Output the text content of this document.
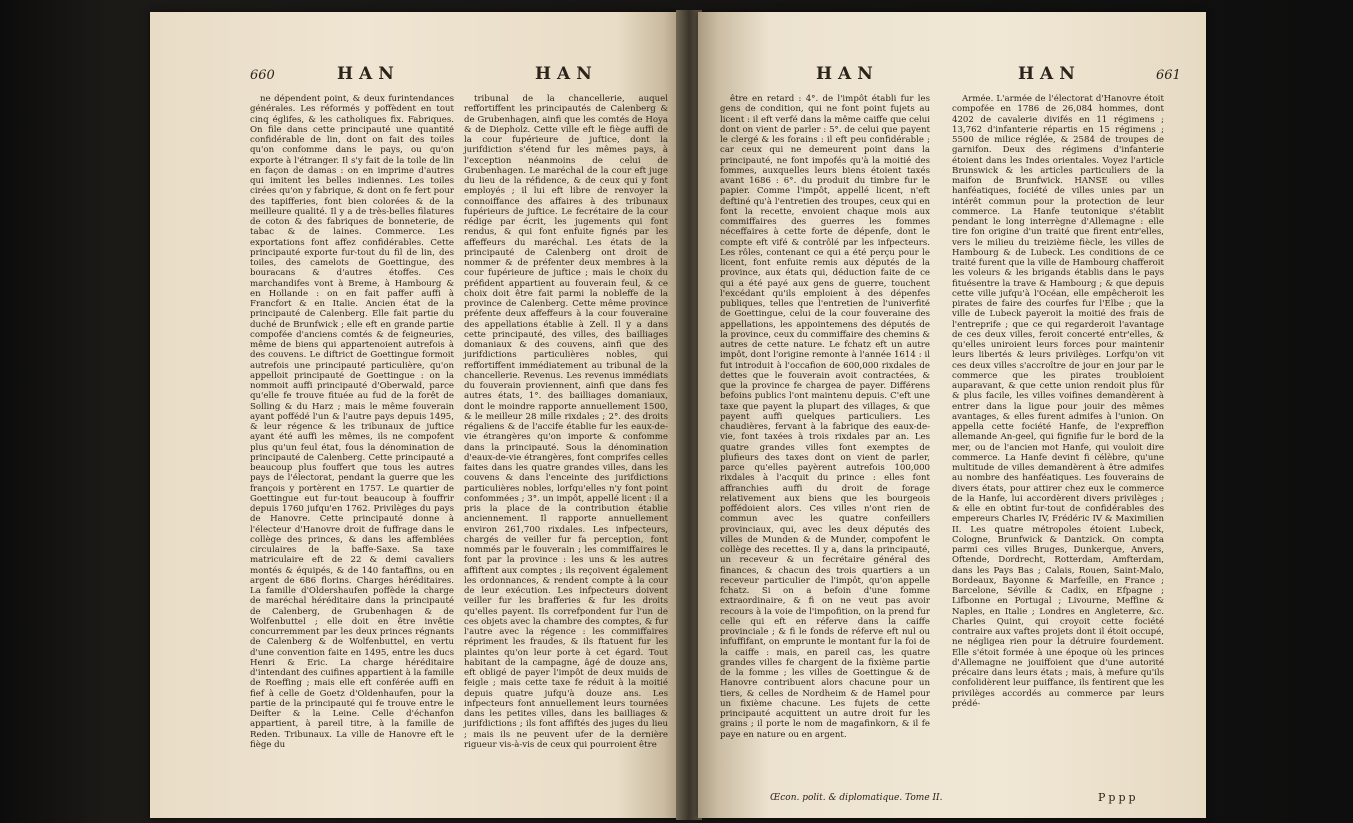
660	HAN	HAN

ne dépendent point, & deux furintendances générales. Les réformés y poffèdent en tout cinq églifes, & les catholiques fix. Fabriques. On file dans cette principauté une quantité confidérable de lin, dont on fait des toiles qu'on confomme dans le pays, ou qu'on exporte à l'étranger. Il s'y fait de la toile de lin en façon de damas : on en imprime d'autres qui imitent les belles indiennes. Les toiles cirées qu'on y fabrique, & dont on fe fert pour des tapifferies, font bien colorées & de la meilleure qualité. Il y a de très-belles filatures de coton & des fabriques de bonneterie, de tabac & de laines. Commerce. Les exportations font affez confidérables. Cette principauté exporte fur-tout du fil de lin, des toiles, des camelots de Goettingue, des bouracans & d'autres étoffes. Ces marchandifes vont à Breme, à Hambourg & en Hollande : on en fait paffer auffi à Francfort & en Italie. Ancien état de la principauté de Calenberg. Elle fait partie du duché de Brunfwick ; elle eft en grande partie compofée d'anciens comtés & de feigneuries, même de biens qui appartenoient autrefois à des couvens. Le diftrict de Goettingue formoit autrefois une principauté particulière, qu'on appelloit principauté de Goettingue : on la nommoit auffi principauté d'Oberwald, parce qu'elle fe trouve fituée au fud de la forêt de Solling & du Harz ; mais le même fouverain ayant poffédé l'un & l'autre pays depuis 1495, & leur régence & les tribunaux de juftice ayant été auffi les mêmes, ils ne compofent plus qu'un feul état, fous la dénomination de principauté de Calenberg. Cette principauté a beaucoup plus fouffert que tous les autres pays de l'électorat, pendant la guerre que les françois y portèrent en 1757. Le quartier de Goettingue eut fur-tout beaucoup à fouffrir depuis 1760 jufqu'en 1762. Privilèges du pays de Hanovre. Cette principauté donne à l'électeur d'Hanovre droit de fuffrage dans le collège des princes, & dans les affemblées circulaires de la baffe-Saxe. Sa taxe matriculaire eft de 22 & demi cavaliers montés & équipés, & de 140 fantaffins, ou en argent de 686 florins. Charges héréditaires. La famille d'Oldershaufen poffède la charge de maréchal héréditaire dans la principauté de Calenberg, de Grubenhagen & de Wolfenbuttel ; elle doit en être invêtie concurremment par les deux princes régnants de Calenberg & de Wolfenbuttel, en vertu d'une convention faite en 1495, entre les ducs Henri & Eric. La charge héréditaire d'intendant des cuifines appartient à la famille de Roeffing ; mais elle eft conférée auffi en fief à celle de Goetz d'Oldenhaufen, pour la partie de la principauté qui fe trouve entre le Deifter & la Leine. Celle d'échanfon appartient, à pareil titre, à la famille de Reden. Tribunaux. La ville de Hanovre eft le fiège du

tribunal de la chancellerie, auquel reffortiffent les principautés de Calenberg & de Grubenhagen, ainfi que les comtés de Hoya & de Diepholz. Cette ville eft le fiège auffi de la cour fupérieure de juftice, dont la jurifdiction s'étend fur les mêmes pays, à l'exception néanmoins de celui de Grubenhagen. Le maréchal de la cour eft juge du lieu de la réfidence, & de ceux qui y font employés ; il lui eft libre de renvoyer la connoiffance des affaires à des tribunaux fupérieurs de juftice. Le fecrétaire de la cour rédige par écrit, les jugements qui font rendus, & qui font enfuite fignés par les affeffeurs du maréchal. Les états de la principauté de Calenberg ont droit de nommer & de préfenter deux membres à la cour fupérieure de juftice ; mais le choix du préfident appartient au fouverain feul, & ce choix doit être fait parmi la nobleffe de la province de Calenberg. Cette même province préfente deux affeffeurs à la cour fouveraine des appellations établie à Zell. Il y a dans cette principauté, des villes, des bailliages domaniaux & des couvens, ainfi que des jurifdictions particulières nobles, qui reffortiffent immédiatement au tribunal de la chancellerie. Revenus. Les revenus immédiats du fouverain proviennent, ainfi que dans fes autres états, 1°. des bailliages domaniaux, dont le moindre rapporte annuellement 1500, & le meilleur 28 mille rixdales ; 2°. des droits régaliens & de l'accife établie fur les eaux-de-vie étrangères qu'on importe & confomme dans la principauté. Sous la dénomination d'eaux-de-vie étrangères, font comprifes celles faites dans les quatre grandes villes, dans les couvens & dans l'enceinte des jurifdictions particulières nobles, lorfqu'elles n'y font point confommées ; 3°. un impôt, appellé licent : il a pris la place de la contribution établie anciennement. Il rapporte annuellement environ 261,700 rixdales. Les infpecteurs, chargés de veiller fur fa perception, font nommés par le fouverain ; les commiffaires le font par la province : les uns & les autres affiftent aux comptes ; ils reçoivent également les ordonnances, & rendent compte à la cour de leur exécution. Les infpecteurs doivent veiller fur les brafferies & fur les droits qu'elles payent. Ils correfpondent fur l'un de ces objets avec la chambre des comptes, & fur l'autre avec la régence : les commiffaires répriment les fraudes, & ils ftatuent fur les plaintes qu'on leur porte à cet égard. Tout habitant de la campagne, âgé de douze ans, eft obligé de payer l'impôt de deux muids de feigle ; mais cette taxe fe réduit à la moitié depuis quatre jufqu'à douze ans. Les infpecteurs font annuellement leurs tournées dans les petites villes, dans les bailliages & jurifdictions ; ils font affiftés des juges du lieu ; mais ils ne peuvent ufer de la dernière rigueur vis-à-vis de ceux qui pourroient être

HAN	HAN	661

être en retard : 4°. de l'impôt établi fur les gens de condition, qui ne font point fujets au licent : il eft verfé dans la même caiffe que celui dont on vient de parler : 5°. de celui que payent le clergé & les forains : il eft peu confidérable ; car ceux qui ne demeurent point dans la principauté, ne font impofés qu'à la moitié des fommes, auxquelles leurs biens étoient taxés avant 1686 : 6°. du produit du timbre fur le papier. Comme l'impôt, appellé licent, n'eft deftiné qu'à l'entretien des troupes, ceux qui en font la recette, envoient chaque mois aux commiffaires des guerres les fommes néceffaires à cette forte de dépenfe, dont le compte eft vifé & contrôlé par les infpecteurs. Les rôles, contenant ce qui a été perçu pour le licent, font enfuite remis aux députés de la province, aux états qui, déduction faite de ce qui a été payé aux gens de guerre, touchent l'excédant qu'ils emploient à des dépenfes publiques, telles que l'entretien de l'univerfité de Goettingue, celui de la cour fouveraine des appellations, les appointemens des députés de la province, ceux du commiffaire des chemins & autres de cette nature. Le fchatz eft un autre impôt, dont l'origine remonte à l'année 1614 : il fut introduit à l'occafion de 600,000 rixdales de dettes que le fouverain avoit contractées, & que la province fe chargea de payer. Différens befoins publics l'ont maintenu depuis. C'eft une taxe que payent la plupart des villages, & que payent auffi quelques particuliers. Les chaudières, fervant à la fabrique des eaux-de-vie, font taxées à trois rixdales par an. Les quatre grandes villes font exemptes de plufieurs des taxes dont on vient de parler, parce qu'elles payèrent autrefois 100,000 rixdales à l'acquit du prince : elles font affranchies auffi du droit de forage relativement aux biens que les bourgeois poffédoient alors. Ces villes n'ont rien de commun avec les quatre confeillers provinciaux, qui, avec les deux députés des villes de Munden & de Munder, compofent le collège des recettes. Il y a, dans la principauté, un receveur & un fecrétaire général des finances, & chacun des trois quartiers a un receveur particulier de l'impôt, qu'on appelle fchatz. Si on a befoin d'une fomme extraordinaire, & fi on ne veut pas avoir recours à la voie de l'impofition, on la prend fur celle qui eft en réferve dans la caiffe provinciale ; & fi le fonds de réferve eft nul ou infuffifant, on emprunte le montant fur la foi de la caiffe : mais, en pareil cas, les quatre grandes villes fe chargent de la fixième partie de la fomme ; les villes de Goettingue & de Hanovre contribuent alors chacune pour un tiers, & celles de Nordheim & de Hamel pour un fixième chacune. Les fujets de cette principauté acquittent un autre droit fur les grains ; il porte le nom de magafinkorn, & il fe paye en nature ou en argent.

Armée. L'armée de l'électorat d'Hanovre étoit compofée en 1786 de 26,084 hommes, dont 4202 de cavalerie divifés en 11 régimens ; 13,762 d'infanterie répartis en 15 régimens ; 5500 de milice réglée, & 2584 de troupes de garnifon. Deux des régimens d'infanterie étoient dans les Indes orientales. Voyez l'article Brunswick & les articles particuliers de la maifon de Brunfwick. HANSE ou villes hanféatiques, fociété de villes unies par un intérêt commun pour la protection de leur commerce. La Hanfe teutonique s'établit pendant le long interrègne d'Allemagne : elle tire fon origine d'un traité que firent entr'elles, vers le milieu du treizième fiècle, les villes de Hambourg & de Lubeck. Les conditions de ce traité furent que la ville de Hambourg chafferoit les voleurs & les brigands établis dans le pays fituésentre la trave & Hambourg ; & que depuis cette ville jufqu'à l'Océan, elle empêcheroit les pirates de faire des courfes fur l'Elbe ; que la ville de Lubeck payeroit la moitié des frais de l'entreprife ; que ce qui regarderoit l'avantage de ces deux villes, feroit concerté entr'elles, & qu'elles uniroient leurs forces pour maintenir leurs libertés & leurs privilèges. Lorfqu'on vit ces deux villes s'accroître de jour en jour par le commerce que les pirates troubloient auparavant, & que cette union rendoit plus fûr & plus facile, les villes voifines demandèrent à entrer dans la ligue pour jouir des mêmes avantages, & elles furent admifes à l'union. On appella cette fociété Hanfe, de l'expreffion allemande An-geel, qui fignifie fur le bord de la mer, ou de l'ancien mot Hanfe, qui vouloit dire commerce. La Hanfe devint fi célèbre, qu'une multitude de villes demandèrent à être admifes au nombre des hanféatiques. Les fouverains de divers états, pour attirer chez eux le commerce de la Hanfe, lui accordèrent divers privilèges ; & elle en obtint fur-tout de confidérables des empereurs Charles IV, Frédéric IV & Maximilien II. Les quatre métropoles étoient Lubeck, Cologne, Brunfwick & Dantzick. On compta parmi ces villes Bruges, Dunkerque, Anvers, Oftende, Dordrecht, Rotterdam, Amfterdam, dans les Pays Bas ; Calais, Rouen, Saint-Malo, Bordeaux, Bayonne & Marfeille, en France ; Barcelone, Séville & Cadix, en Efpagne ; Lifbonne en Portugal ; Livourne, Meffine & Naples, en Italie ; Londres en Angleterre, &c. Charles Quint, qui croyoit cette fociété contraire aux vaftes projets dont il étoit occupé, ne négligea rien pour la détruire fourdement. Elle s'étoit formée à une époque où les princes d'Allemagne ne jouiffoient que d'une autorité précaire dans leurs états ; mais, à mefure qu'ils confolidèrent leur puiffance, ils fentirent que les privilèges accordés au commerce par leurs prédé-

Œcon. polit. & diplomatique. Tome II.	Pppp
